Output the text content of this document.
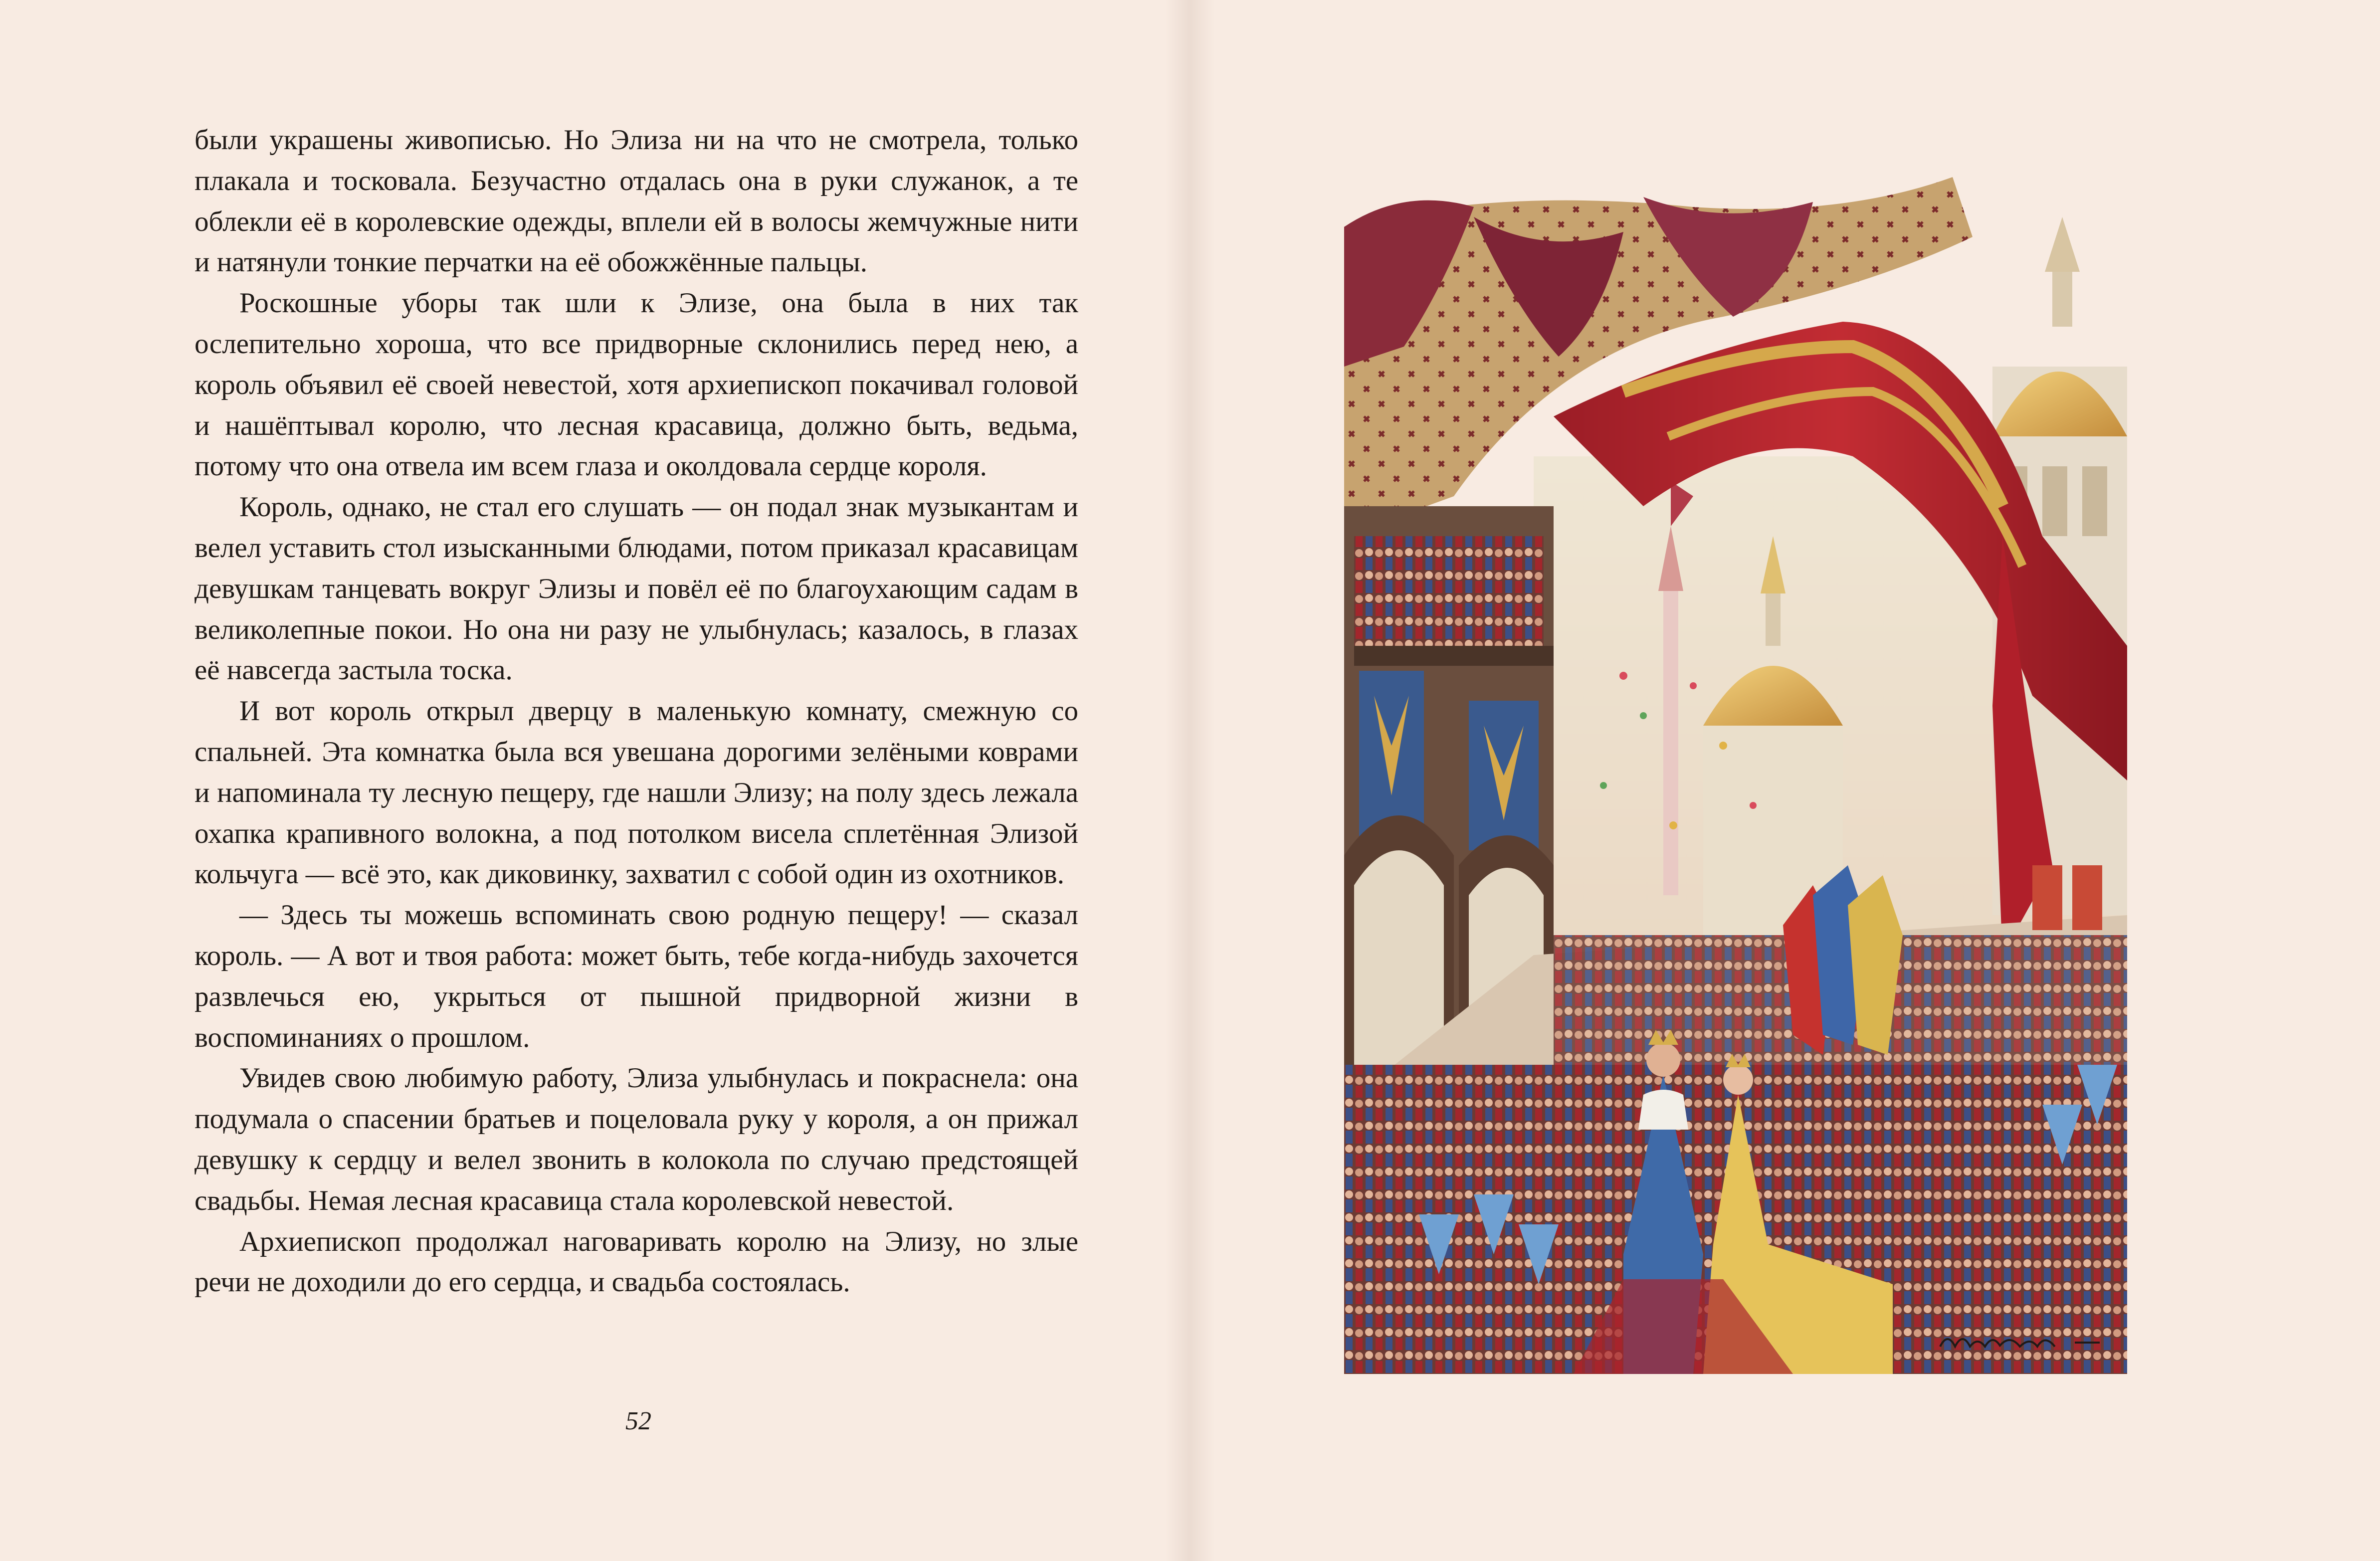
были украшены живописью. Но Элиза ни на что не смотрела, только плакала и тосковала. Безучастно отдалась она в руки служанок, а те облекли её в королевские одежды, вплели ей в волосы жемчужные нити и натянули тонкие перчатки на её обожжённые пальцы.

Роскошные уборы так шли к Элизе, она была в них так ослепительно хороша, что все придворные склонились перед нею, а король объявил её своей невестой, хотя архиепископ покачивал головой и нашёптывал королю, что лесная красавица, должно быть, ведьма, потому что она отвела им всем глаза и околдовала сердце короля.

Король, однако, не стал его слушать — он подал знак музыкантам и велел уставить стол изысканными блюдами, потом приказал красавицам девушкам танцевать вокруг Элизы и повёл её по благоухающим садам в великолепные покои. Но она ни разу не улыбнулась; казалось, в глазах её навсегда застыла тоска.

И вот король открыл дверцу в маленькую комнату, смежную со спальней. Эта комнатка была вся увешана дорогими зелёными коврами и напоминала ту лесную пещеру, где нашли Элизу; на полу здесь лежала охапка крапивного волокна, а под потолком висела сплетённая Элизой кольчуга — всё это, как диковинку, захватил с собой один из охотников.

— Здесь ты можешь вспоминать свою родную пещеру! — сказал король. — А вот и твоя работа: может быть, тебе когда-нибудь захочется развлечься ею, укрыться от пышной придворной жизни в воспоминаниях о прошлом.

Увидев свою любимую работу, Элиза улыбнулась и покраснела: она подумала о спасении братьев и поцеловала руку у короля, а он прижал девушку к сердцу и велел звонить в колокола по случаю предстоящей свадьбы. Немая лесная красавица стала королевской невестой.

Архиепископ продолжал наговаривать королю на Элизу, но злые речи не доходили до его сердца, и свадьба состоялась.

52
